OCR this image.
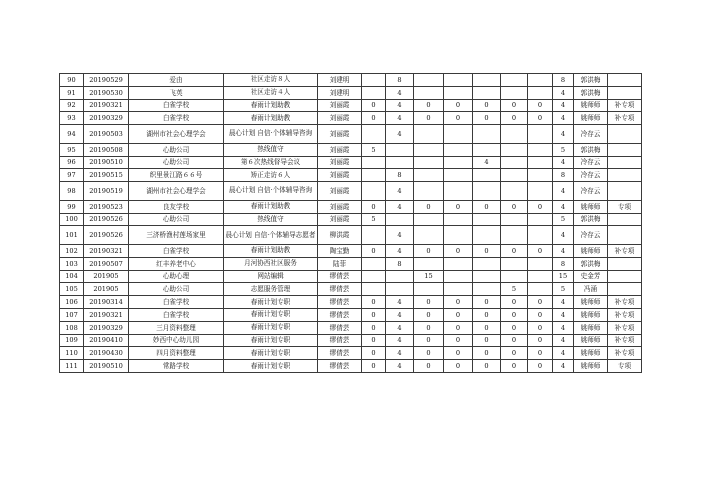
90	20190529	爱由	社区走访８人	刘建明		8						8	郭洪梅	
91	20190530	飞英	社区走访４人	刘建明		4						4	郭洪梅	
92	20190321	白雀学校	春雨计划助教	刘丽霞	0	4	0	0	0	0	0	4	姚师师	补专项
93	20190329	白雀学校	春雨计划助教	刘丽霞	0	4	0	0	0	0	0	4	姚师师	补专项
94	20190503	湖州市社会心理学会	晨心计划 自信·个体辅导咨询	刘丽霞		4						4	冷存云	
95	20190508	心助公司	热线值守	刘丽霞	5							5	郭洪梅	
96	20190510	心助公司	第６次热线督导会议	刘丽霞					4			4	冷存云	
97	20190515	织里景江路６６号	矫正走访６人	刘丽霞		8						8	冷存云	
98	20190519	湖州市社会心理学会	晨心计划 自信·个体辅导咨询	刘丽霞		4						4	冷存云	
99	20190523	良友学校	春雨计划助教	刘丽霞	0	4	0	0	0	0	0	4	姚师师	专项
100	20190526	心助公司	热线值守	刘丽霞	5							5	郭洪梅	
101	20190526	三济桥渔村莲场家里	晨心计划 自信·个体辅导志愿者	柳洪霞		4						4	冷存云	
102	20190321	白雀学校	春雨计划助教	陶宝勤	0	4	0	0	0	0	0	4	姚师师	补专项
103	20190507	红丰养老中心	月河协西社区服务	陆菲		8						8	郭洪梅	
104	201905	心助心理	网站编辑	缪倩芸			15					15	史金芳	
105	201905	心助公司	志愿服务管理	缪倩芸						5		5	冯涌	
106	20190314	白雀学校	春雨计划专职	缪倩芸	0	4	0	0	0	0	0	4	姚师师	补专项
107	20190321	白雀学校	春雨计划专职	缪倩芸	0	4	0	0	0	0	0	4	姚师师	补专项
108	20190329	三月资料整理	春雨计划专职	缪倩芸	0	4	0	0	0	0	0	4	姚师师	补专项
109	20190410	妙西中心幼儿园	春雨计划专职	缪倩芸	0	4	0	0	0	0	0	4	姚师师	补专项
110	20190430	四月资料整理	春雨计划专职	缪倩芸	0	4	0	0	0	0	0	4	姚师师	补专项
111	20190510	常路学校	春雨计划专职	缪倩芸	0	4	0	0	0	0	0	4	姚师师	专项
